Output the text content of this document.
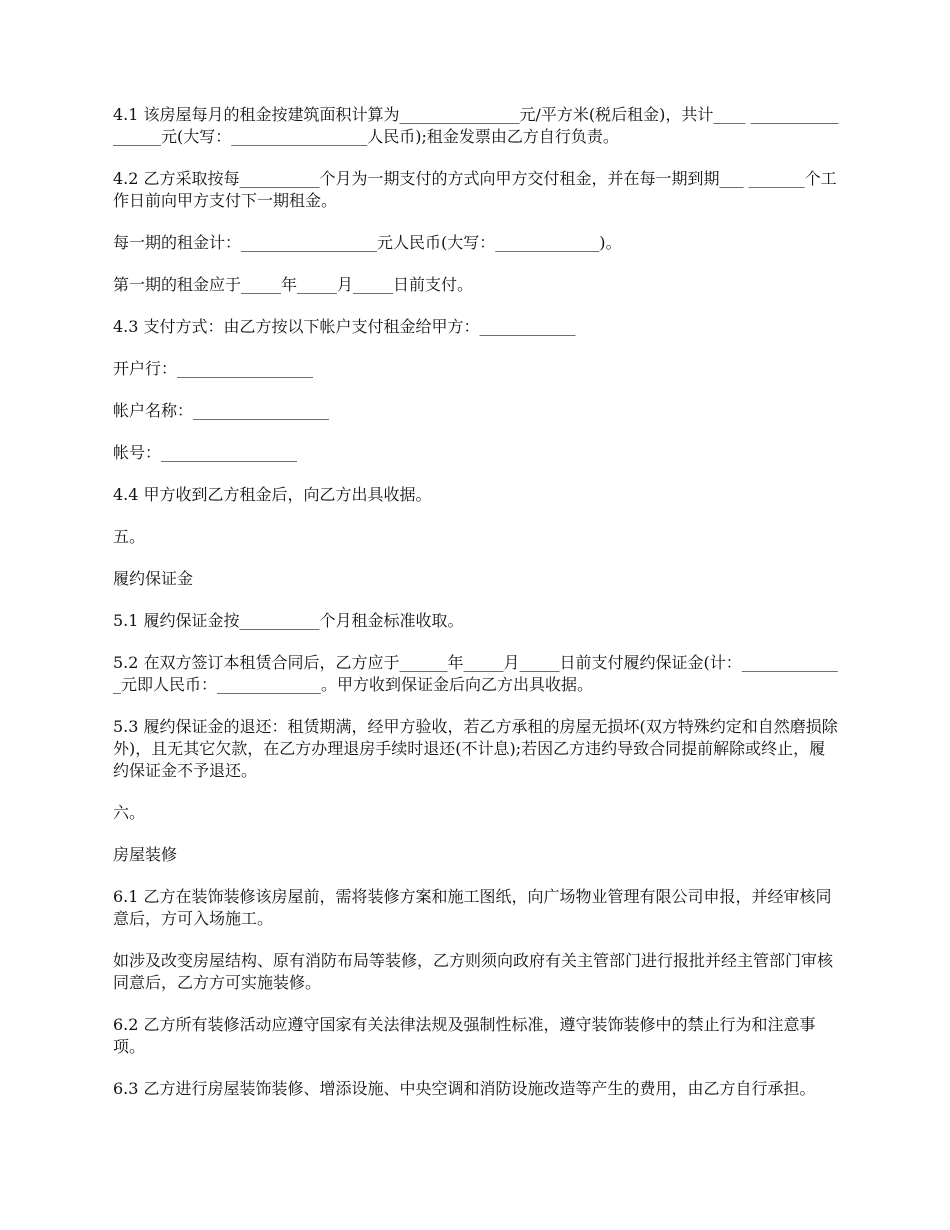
4.1 该房屋每月的租金按建筑面积计算为_______________元/平方米(税后租金)，共计____ _________________元(大写：_________________人民币);租金发票由乙方自行负责。

4.2 乙方采取按每__________个月为一期支付的方式向甲方交付租金，并在每一期到期___ _______个工作日前向甲方支付下一期租金。

每一期的租金计：_________________元人民币(大写：_____________)。

第一期的租金应于_____年_____月_____日前支付。

4.3 支付方式：由乙方按以下帐户支付租金给甲方：____________

开户行：_________________

帐户名称：_________________

帐号：_________________

4.4 甲方收到乙方租金后，向乙方出具收据。

五。

履约保证金

5.1 履约保证金按__________个月租金标准收取。

5.2 在双方签订本租赁合同后，乙方应于______年_____月_____日前支付履约保证金(计：_____________元即人民币：_____________。甲方收到保证金后向乙方出具收据。

5.3 履约保证金的退还：租赁期满，经甲方验收，若乙方承租的房屋无损坏(双方特殊约定和自然磨损除外)，且无其它欠款，在乙方办理退房手续时退还(不计息);若因乙方违约导致合同提前解除或终止，履约保证金不予退还。

六。

房屋装修

6.1 乙方在装饰装修该房屋前，需将装修方案和施工图纸，向广场物业管理有限公司申报，并经审核同意后，方可入场施工。

如涉及改变房屋结构、原有消防布局等装修，乙方则须向政府有关主管部门进行报批并经主管部门审核同意后，乙方方可实施装修。

6.2 乙方所有装修活动应遵守国家有关法律法规及强制性标准，遵守装饰装修中的禁止行为和注意事项。

6.3 乙方进行房屋装饰装修、增添设施、中央空调和消防设施改造等产生的费用，由乙方自行承担。
